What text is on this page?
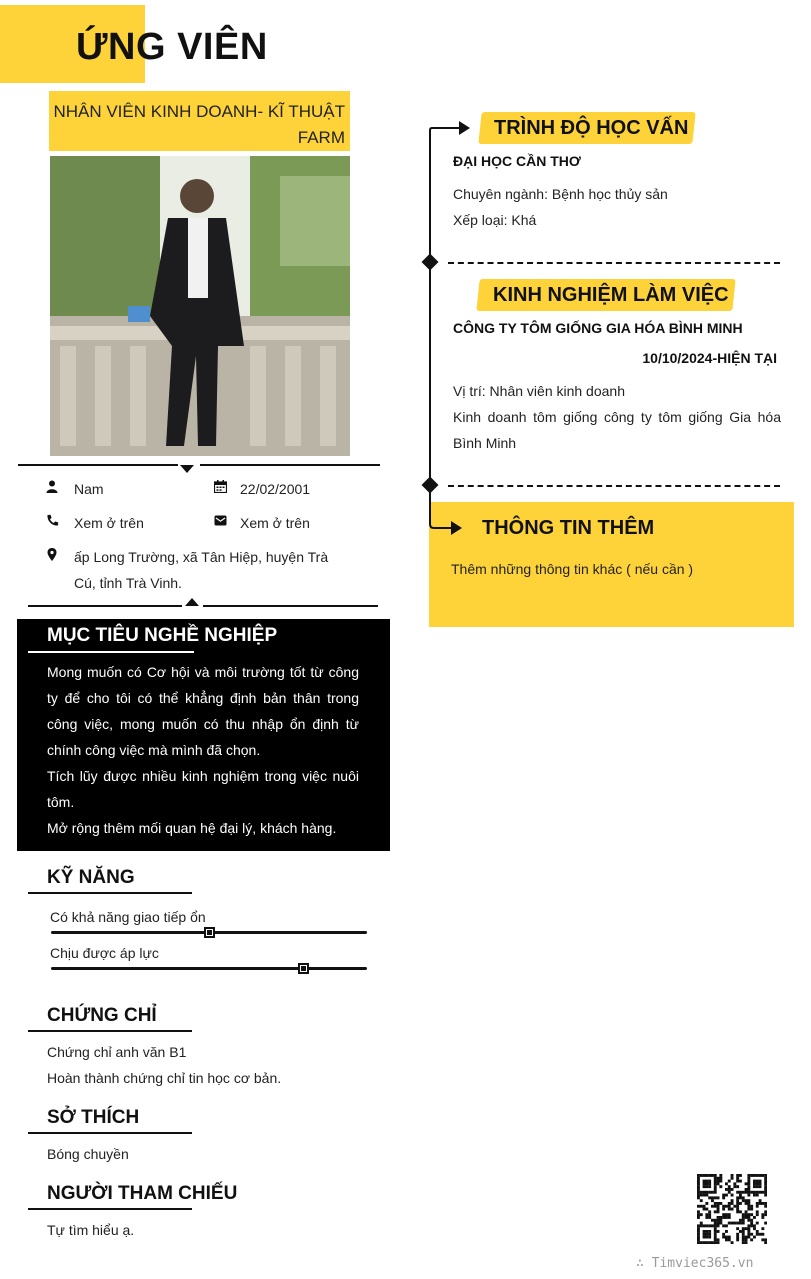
ỨNG VIÊN
NHÂN VIÊN KINH DOANH- KĨ THUẬT FARM
Nam	22/02/2001
Xem ở trên	Xem ở trên
ấp Long Trường, xã Tân Hiệp, huyện Trà Cú, tỉnh Trà Vinh.
MỤC TIÊU NGHỀ NGHIỆP

Mong muốn có Cơ hội và môi trường tốt từ công ty để cho tôi có thể khẳng định bản thân trong công việc, mong muốn có thu nhập ổn định từ chính công việc mà mình đã chọn.

Tích lũy được nhiều kinh nghiệm trong việc nuôi tôm.

Mở rộng thêm mối quan hệ đại lý, khách hàng.

KỸ NĂNG
Có khả năng giao tiếp ổn
Chịu được áp lực
CHỨNG CHỈ
Chứng chỉ anh văn B1
Hoàn thành chứng chỉ tin học cơ bản.
SỞ THÍCH
Bóng chuyền
NGƯỜI THAM CHIẾU
Tự tìm hiểu ạ.
TRÌNH ĐỘ HỌC VẤN
ĐẠI HỌC CẦN THƠ
Chuyên ngành: Bệnh học thủy sản
Xếp loại: Khá
KINH NGHIỆM LÀM VIỆC
CÔNG TY TÔM GIỐNG GIA HÓA BÌNH MINH
10/10/2024-HIỆN TẠI
Vị trí: Nhân viên kinh doanh
Kinh doanh tôm giống công ty tôm giống Gia hóa Bình Minh
THÔNG TIN THÊM
Thêm những thông tin khác ( nếu cần )
∴ Timviec365.vn
